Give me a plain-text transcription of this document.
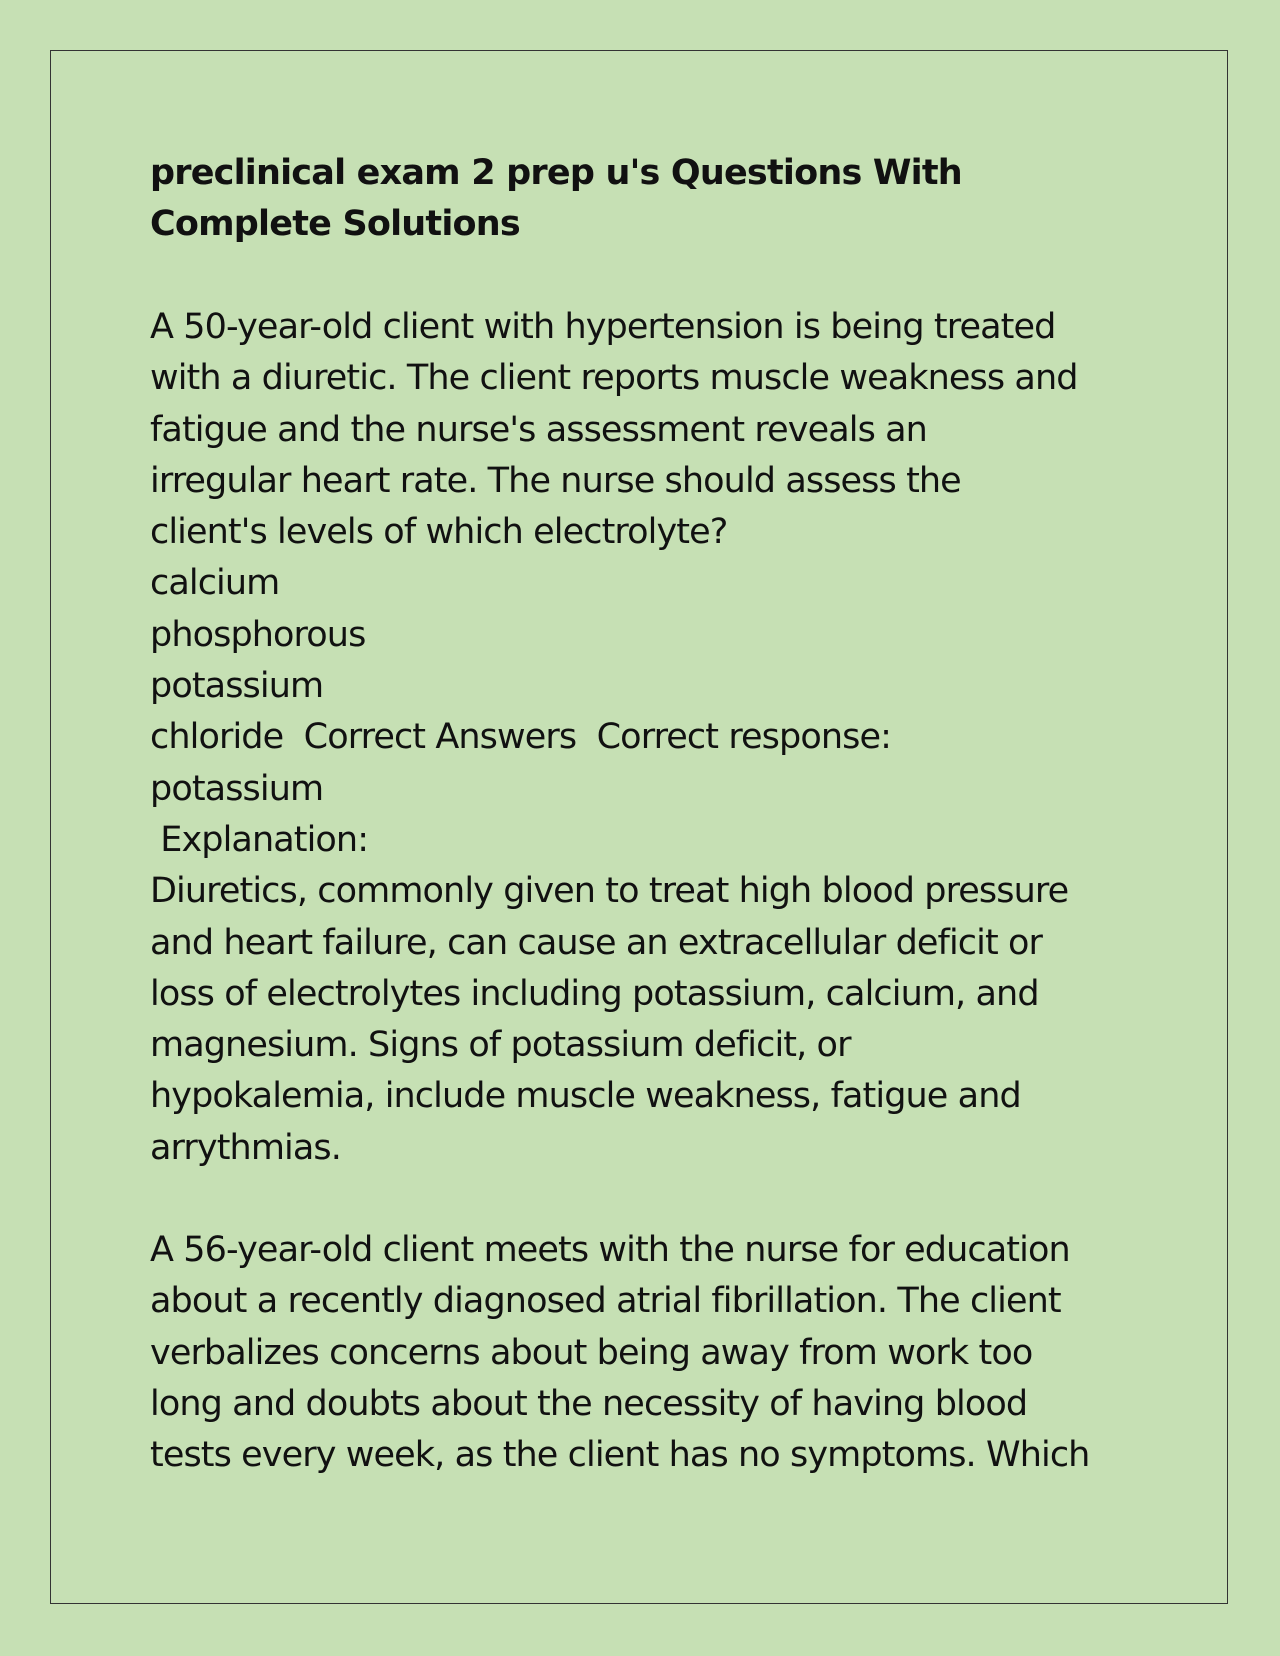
preclinical exam 2 prep u's Questions With
Complete Solutions

A 50-year-old client with hypertension is being treated

with a diuretic. The client reports muscle weakness and

fatigue and the nurse's assessment reveals an

irregular heart rate. The nurse should assess the

client's levels of which electrolyte?

calcium

phosphorous

potassium

chloride  Correct Answers  Correct response:

potassium

Explanation:

Diuretics, commonly given to treat high blood pressure

and heart failure, can cause an extracellular deficit or

loss of electrolytes including potassium, calcium, and

magnesium. Signs of potassium deficit, or

hypokalemia, include muscle weakness, fatigue and

arrythmias.

A 56-year-old client meets with the nurse for education

about a recently diagnosed atrial fibrillation. The client

verbalizes concerns about being away from work too

long and doubts about the necessity of having blood

tests every week, as the client has no symptoms. Which
